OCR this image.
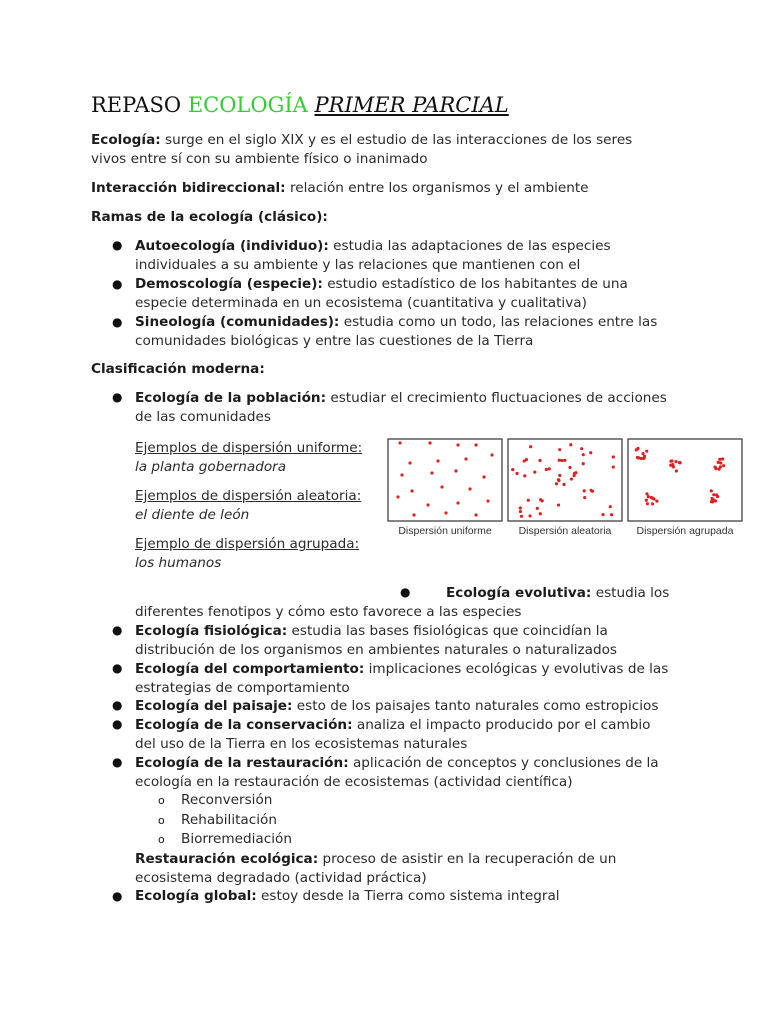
REPASO ECOLOGÍA PRIMER PARCIAL
Ecología: surge en el siglo XIX y es el estudio de las interacciones de los seres
vivos entre sí con su ambiente físico o inanimado
Interacción bidireccional: relación entre los organismos y el ambiente
Ramas de la ecología (clásico):
● Autoecología (individuo): estudia las adaptaciones de las especies
individuales a su ambiente y las relaciones que mantienen con el
● Demoscología (especie): estudio estadístico de los habitantes de una
especie determinada en un ecosistema (cuantitativa y cualitativa)
● Sineología (comunidades): estudia como un todo, las relaciones entre las
comunidades biológicas y entre las cuestiones de la Tierra
Clasificación moderna:
● Ecología de la población: estudiar el crecimiento fluctuaciones de acciones
de las comunidades
Ejemplos de dispersión uniforme:
la planta gobernadora
Ejemplos de dispersión aleatoria:
el diente de león
Ejemplo de dispersión agrupada:
los humanos
Dispersión uniforme	Dispersión aleatoria Dispersión agrupada
●	Ecología evolutiva: estudia los
diferentes fenotipos y cómo esto favorece a las especies
● Ecología fisiológica: estudia las bases fisiológicas que coincidían la
distribución de los organismos en ambientes naturales o naturalizados
● Ecología del comportamiento: implicaciones ecológicas y evolutivas de las
estrategias de comportamiento
● Ecología del paisaje: esto de los paisajes tanto naturales como estropicios
● Ecología de la conservación: analiza el impacto producido por el cambio
del uso de la Tierra en los ecosistemas naturales
● Ecología de la restauración: aplicación de conceptos y conclusiones de la
ecología en la restauración de ecosistemas (actividad científica)
o Reconversión
o Rehabilitación
o Biorremediación
Restauración ecológica: proceso de asistir en la recuperación de un
ecosistema degradado (actividad práctica)
● Ecología global: estoy desde la Tierra como sistema integral
